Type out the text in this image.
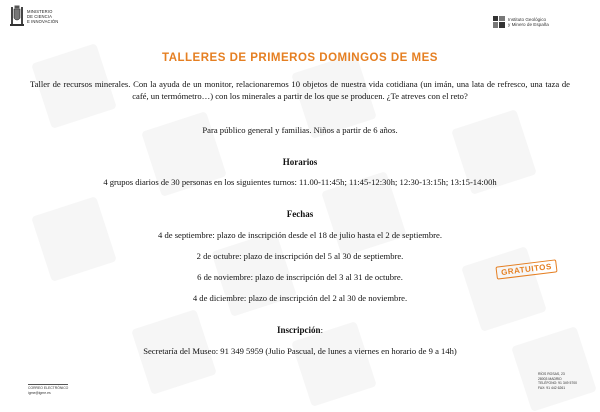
MINISTERIO
DE CIENCIA
E INNOVACIÓN	Instituto Geológico
y Minero de España
TALLERES DE PRIMEROS DOMINGOS DE MES
Taller de recursos minerales. Con la ayuda de un monitor, relacionaremos 10 objetos de nuestra vida cotidiana (un imán, una lata de refresco, una taza de café, un termómetro…) con los minerales a partir de los que se producen. ¿Te atreves con el reto?
Para público general y familias. Niños a partir de 6 años.
Horarios
4 grupos diarios de 30 personas en los siguientes turnos: 11.00-11:45h; 11:45-12:30h; 12:30-13:15h; 13:15-14:00h
Fechas
4 de septiembre: plazo de inscripción desde el 18 de julio hasta el 2 de septiembre.
2 de octubre: plazo de inscripción del 5 al 30 de septiembre.
6 de noviembre: plazo de inscripción del 3 al 31 de octubre.
4 de diciembre: plazo de inscripción del 2 al 30 de noviembre.
Inscripción:
Secretaría del Museo: 91 349 5959 (Julio Pascual, de lunes a viernes en horario de 9 a 14h)
GRATUITOS
CORREO ELECTRÓNICO
igme@igme.es
RÍOS ROSAS, 23
28003 MADRID
TELÉFONO: 91 349 5700
FAX: 91 442 6261
